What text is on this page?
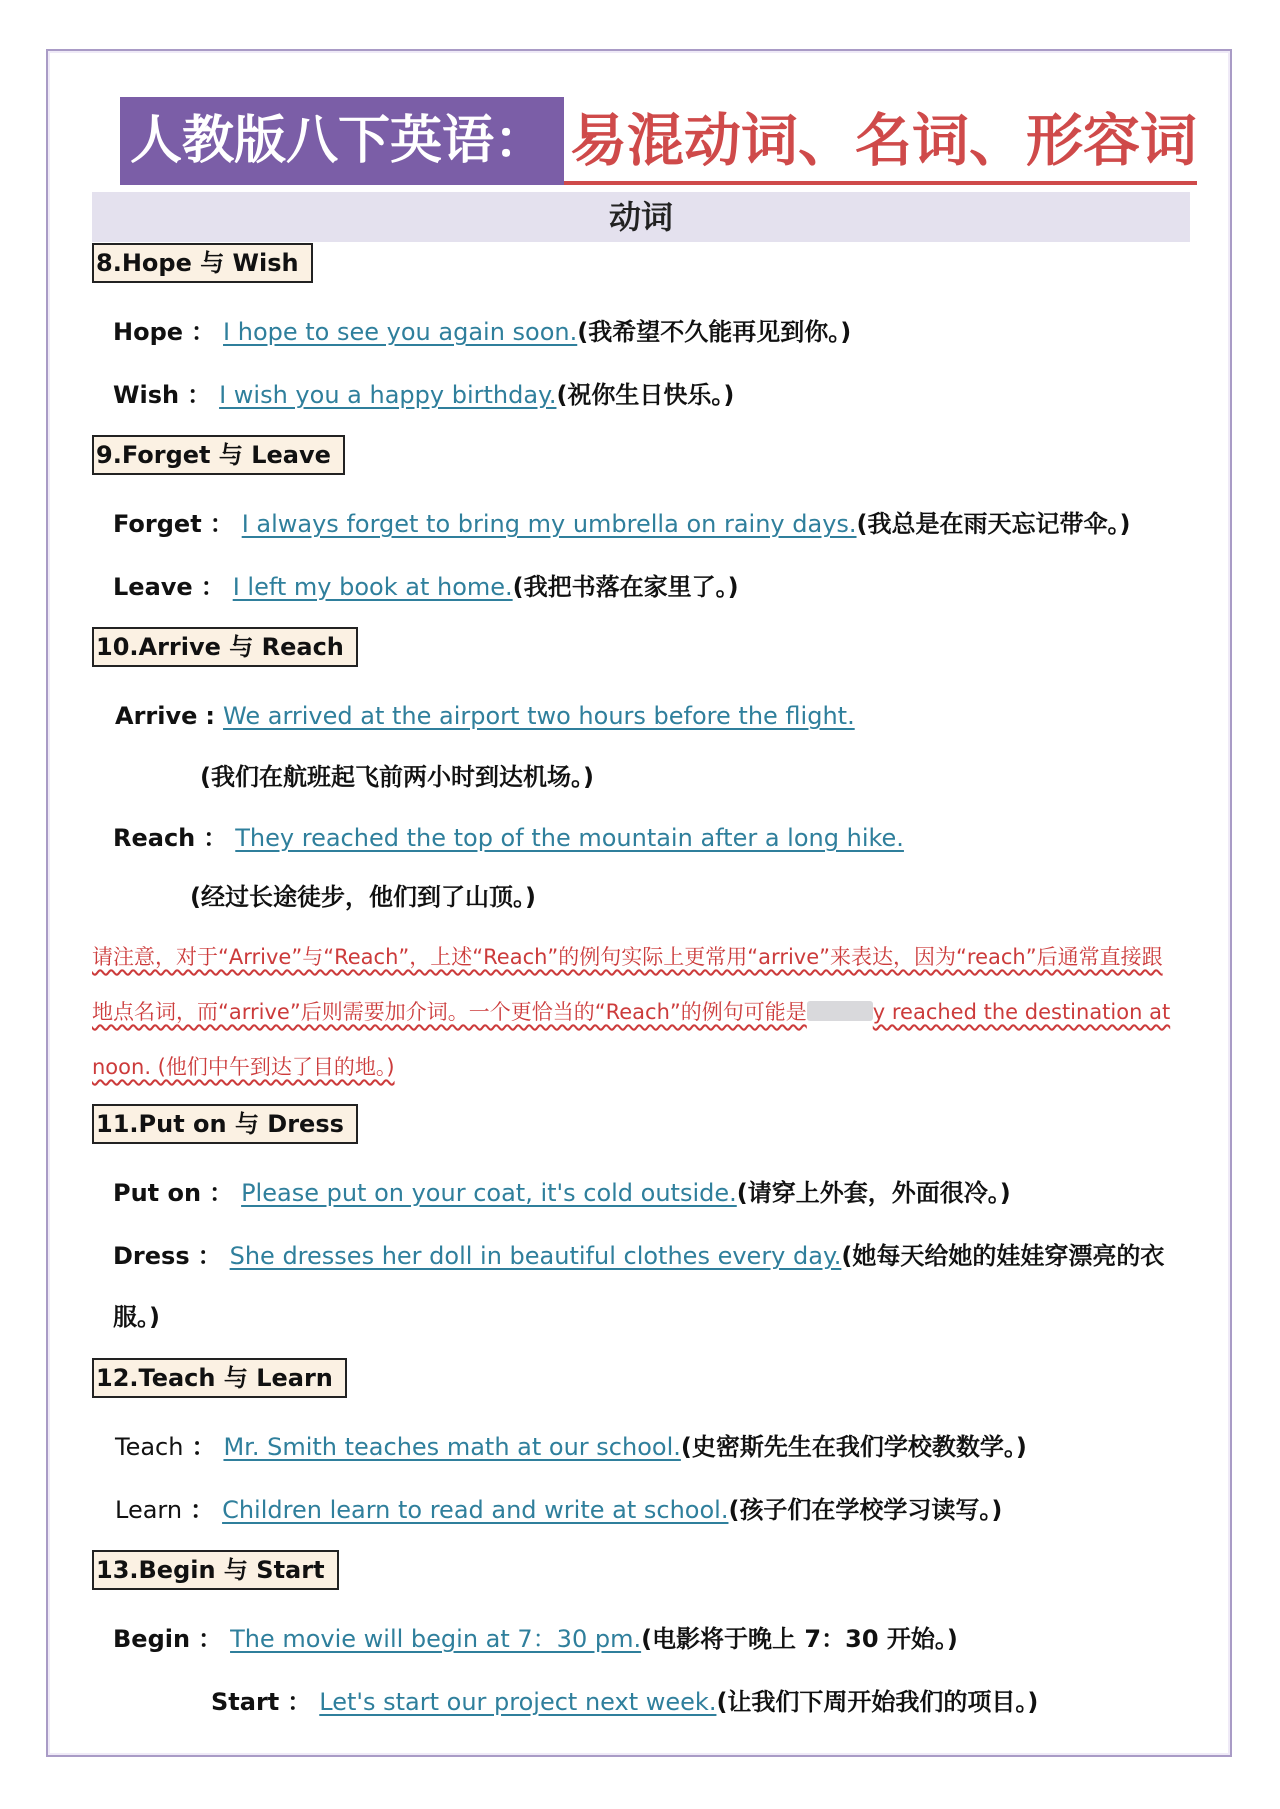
人教版八下英语： 易混动词、名词、形容词
动词
8.Hope 与 Wish
Hope ： I hope to see you again soon.(我希望不久能再见到你。)
Wish ： I wish you a happy birthday.(祝你生日快乐。)
9.Forget 与 Leave
Forget ： I always forget to bring my umbrella on rainy days.(我总是在雨天忘记带伞。)
Leave ： I left my book at home.(我把书落在家里了。)
10.Arrive 与 Reach
Arrive : We arrived at the airport two hours before the flight.
(我们在航班起飞前两小时到达机场。)
Reach ： They reached the top of the mountain after a long hike.
(经过长途徒步，他们到了山顶。)
请注意，对于“Arrive”与“Reach”，上述“Reach”的例句实际上更常用“arrive”来表达，因为“reach”后通常直接跟
地点名词，而“arrive”后则需要加介词。一个更恰当的“Reach”的例句可能是	y reached the destination at
noon. (他们中午到达了目的地。)
11.Put on 与 Dress
Put on ： Please put on your coat, it's cold outside.(请穿上外套，外面很冷。)
Dress ： She dresses her doll in beautiful clothes every day.(她每天给她的娃娃穿漂亮的衣
服。)
12.Teach 与 Learn
Teach ： Mr. Smith teaches math at our school.(史密斯先生在我们学校教数学。)
Learn ： Children learn to read and write at school.(孩子们在学校学习读写。)
13.Begin 与 Start
Begin ： The movie will begin at 7：30 pm.(电影将于晚上 7：30 开始。)
Start ： Let's start our project next week.(让我们下周开始我们的项目。)
